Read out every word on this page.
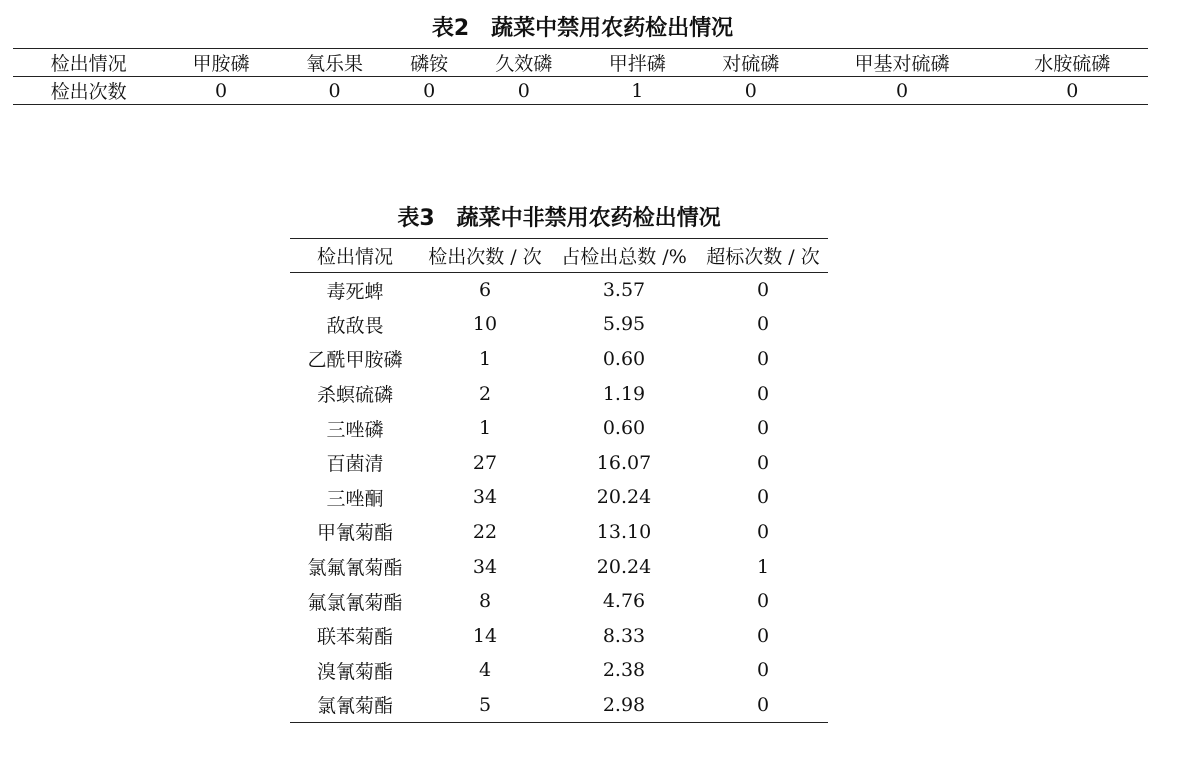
表2 蔬菜中禁用农药检出情况
检出情况	甲胺磷	氧乐果	磷铵	久效磷	甲拌磷	对硫磷	甲基对硫磷	水胺硫磷
检出次数	0	0	0	0	1	0	0	0
表3 蔬菜中非禁用农药检出情况
检出情况	检出次数 / 次	占检出总数 /%	超标次数 / 次
毒死蜱	6	3.57	0
敌敌畏	10	5.95	0
乙酰甲胺磷	1	0.60	0
杀螟硫磷	2	1.19	0
三唑磷	1	0.60	0
百菌清	27	16.07	0
三唑酮	34	20.24	0
甲氰菊酯	22	13.10	0
氯氟氰菊酯	34	20.24	1
氟氯氰菊酯	8	4.76	0
联苯菊酯	14	8.33	0
溴氰菊酯	4	2.38	0
氯氰菊酯	5	2.98	0
